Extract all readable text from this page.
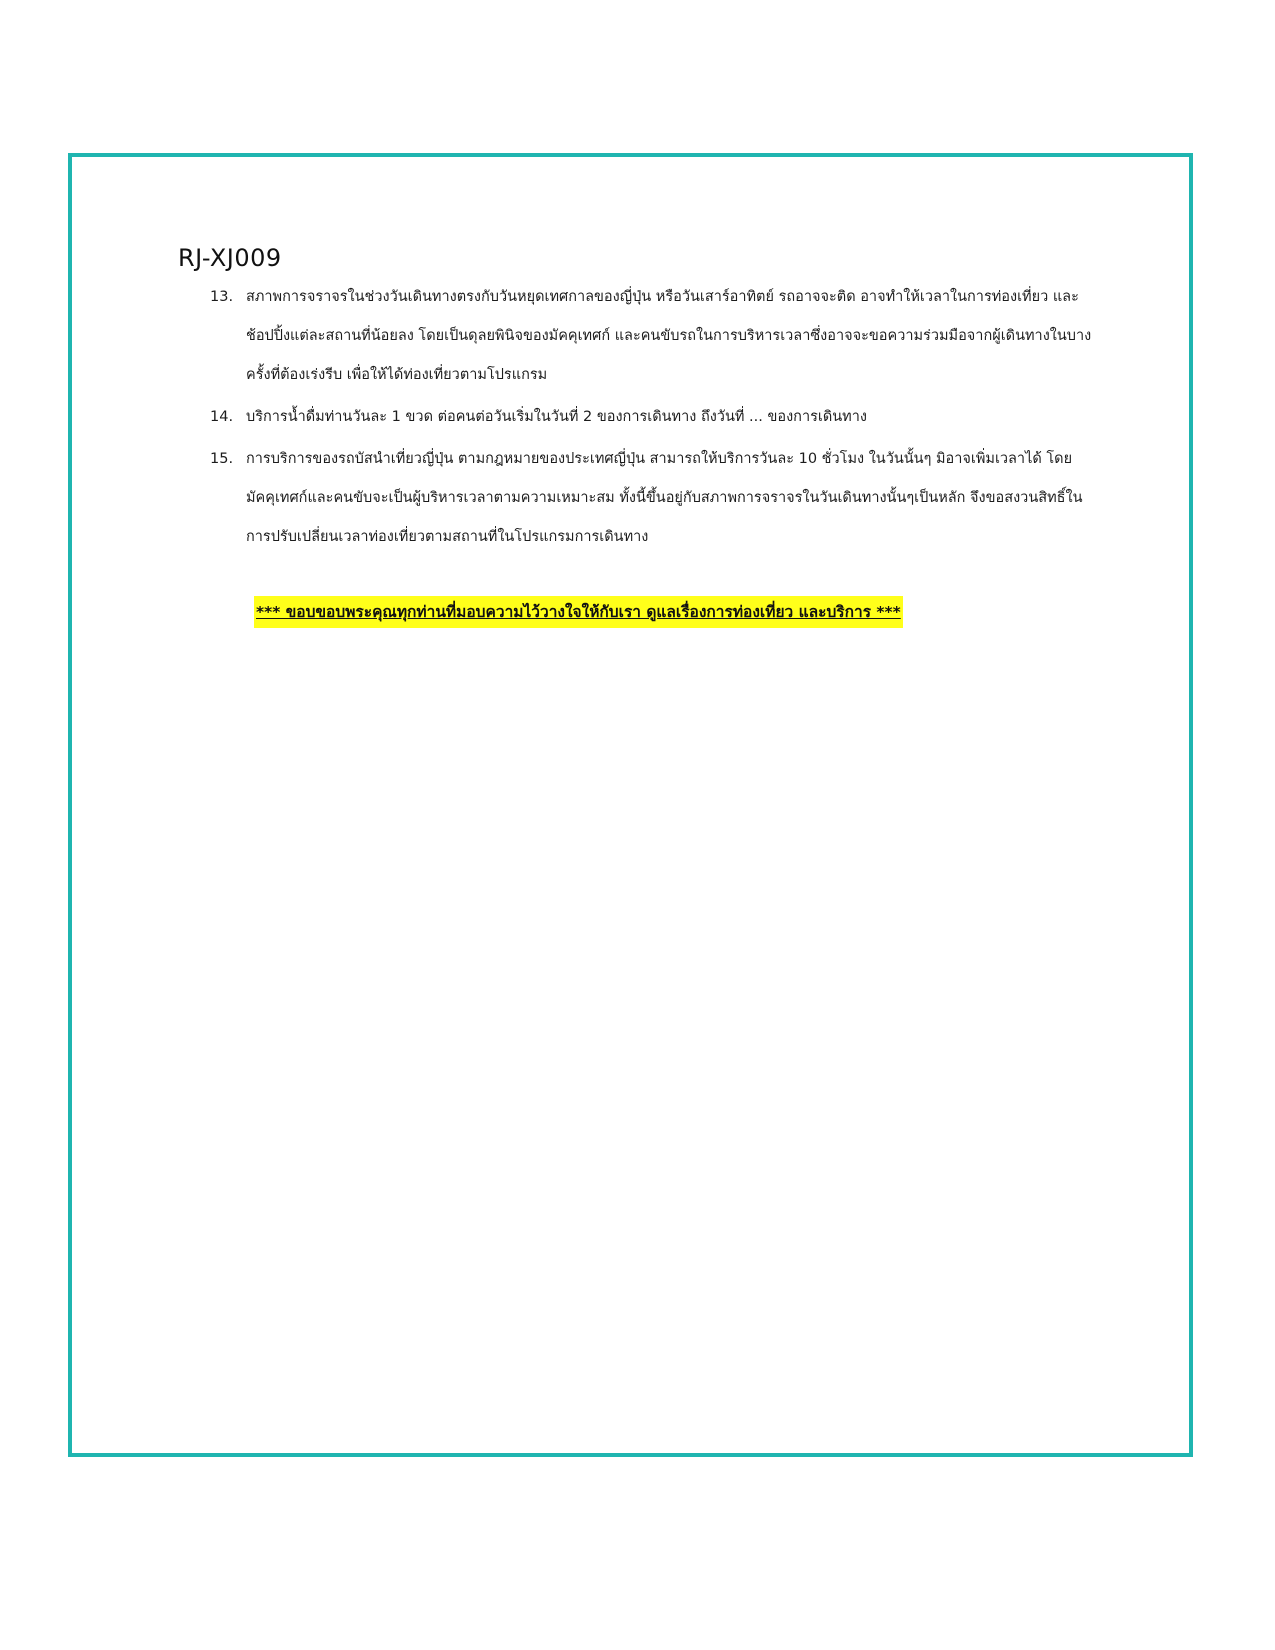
RJ-XJ009
13. สภาพการจราจรในช่วงวันเดินทางตรงกับวันหยุดเทศกาลของญี่ปุ่น หรือวันเสาร์อาทิตย์ รถอาจจะติด อาจทำให้เวลาในการท่องเที่ยว และช้อปปิ้งแต่ละสถานที่น้อยลง โดยเป็นดุลยพินิจของมัคคุเทศก์ และคนขับรถในการบริหารเวลาซึ่งอาจจะขอความร่วมมือจากผู้เดินทางในบางครั้งที่ต้องเร่งรีบ เพื่อให้ได้ท่องเที่ยวตามโปรแกรม
14. บริการน้ำดื่มท่านวันละ 1 ขวด ต่อคนต่อวันเริ่มในวันที่ 2 ของการเดินทาง ถึงวันที่ ... ของการเดินทาง
15. การบริการของรถบัสนำเที่ยวญี่ปุ่น ตามกฎหมายของประเทศญี่ปุ่น สามารถให้บริการวันละ 10 ชั่วโมง ในวันนั้นๆ มิอาจเพิ่มเวลาได้ โดยมัคคุเทศก์และคนขับจะเป็นผู้บริหารเวลาตามความเหมาะสม ทั้งนี้ขึ้นอยู่กับสภาพการจราจรในวันเดินทางนั้นๆเป็นหลัก จึงขอสงวนสิทธิ์ในการปรับเปลี่ยนเวลาท่องเที่ยวตามสถานที่ในโปรแกรมการเดินทาง
*** ขอบขอบพระคุณทุกท่านที่มอบความไว้วางใจให้กับเรา ดูแลเรื่องการท่องเที่ยว และบริการ ***
